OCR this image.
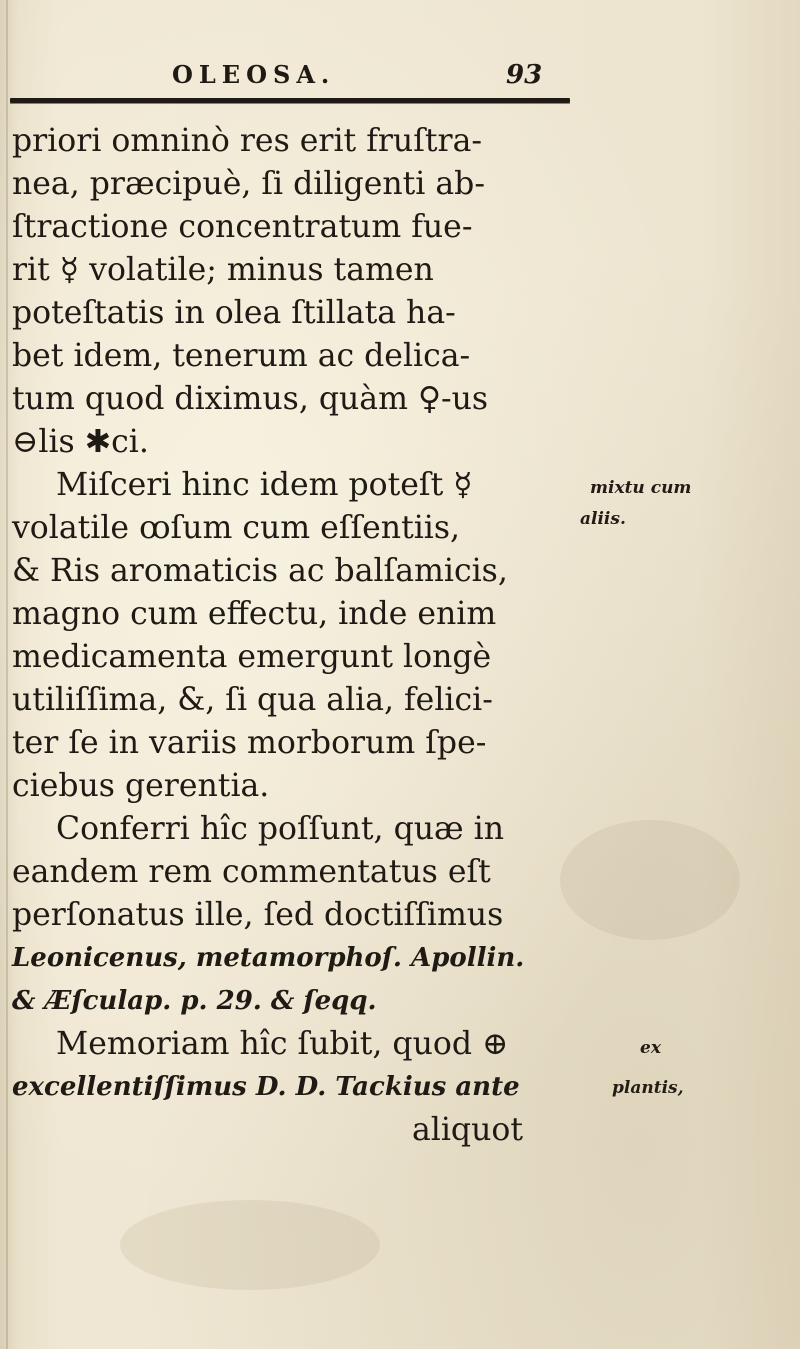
OLEOSA.	93
priori omninò res erit fruſtra-
nea, præcipuè, ſi diligenti ab-
ſtractione concentratum fue-
rit ☿ volatile; minus tamen
poteſtatis in olea ſtillata ha-
bet idem, tenerum ac delica-
tum quod diximus, quàm ♀-us
⊖lis ✱ci.
Miſceri hinc idem poteſt ☿
volatile ꝏſum cum eſſentiis,
& Ris aromaticis ac balſamicis,
magno cum effectu, inde enim
medicamenta emergunt longè
utiliſſima, &, ſi qua alia, felici-
ter ſe in variis morborum ſpe-
ciebus gerentia.
Conferri hîc poſſunt, quæ in
eandem rem commentatus eſt
perſonatus ille, ſed doctiſſimus
Leonicenus, metamorphoſ. Apollin.
& Æſculap. p. 29. & ſeqq.
Memoriam hîc ſubit, quod ⊕
excellentiſſimus D. D. Tackius ante
aliquot
mixtu cum
aliis.
ex
plantis,
